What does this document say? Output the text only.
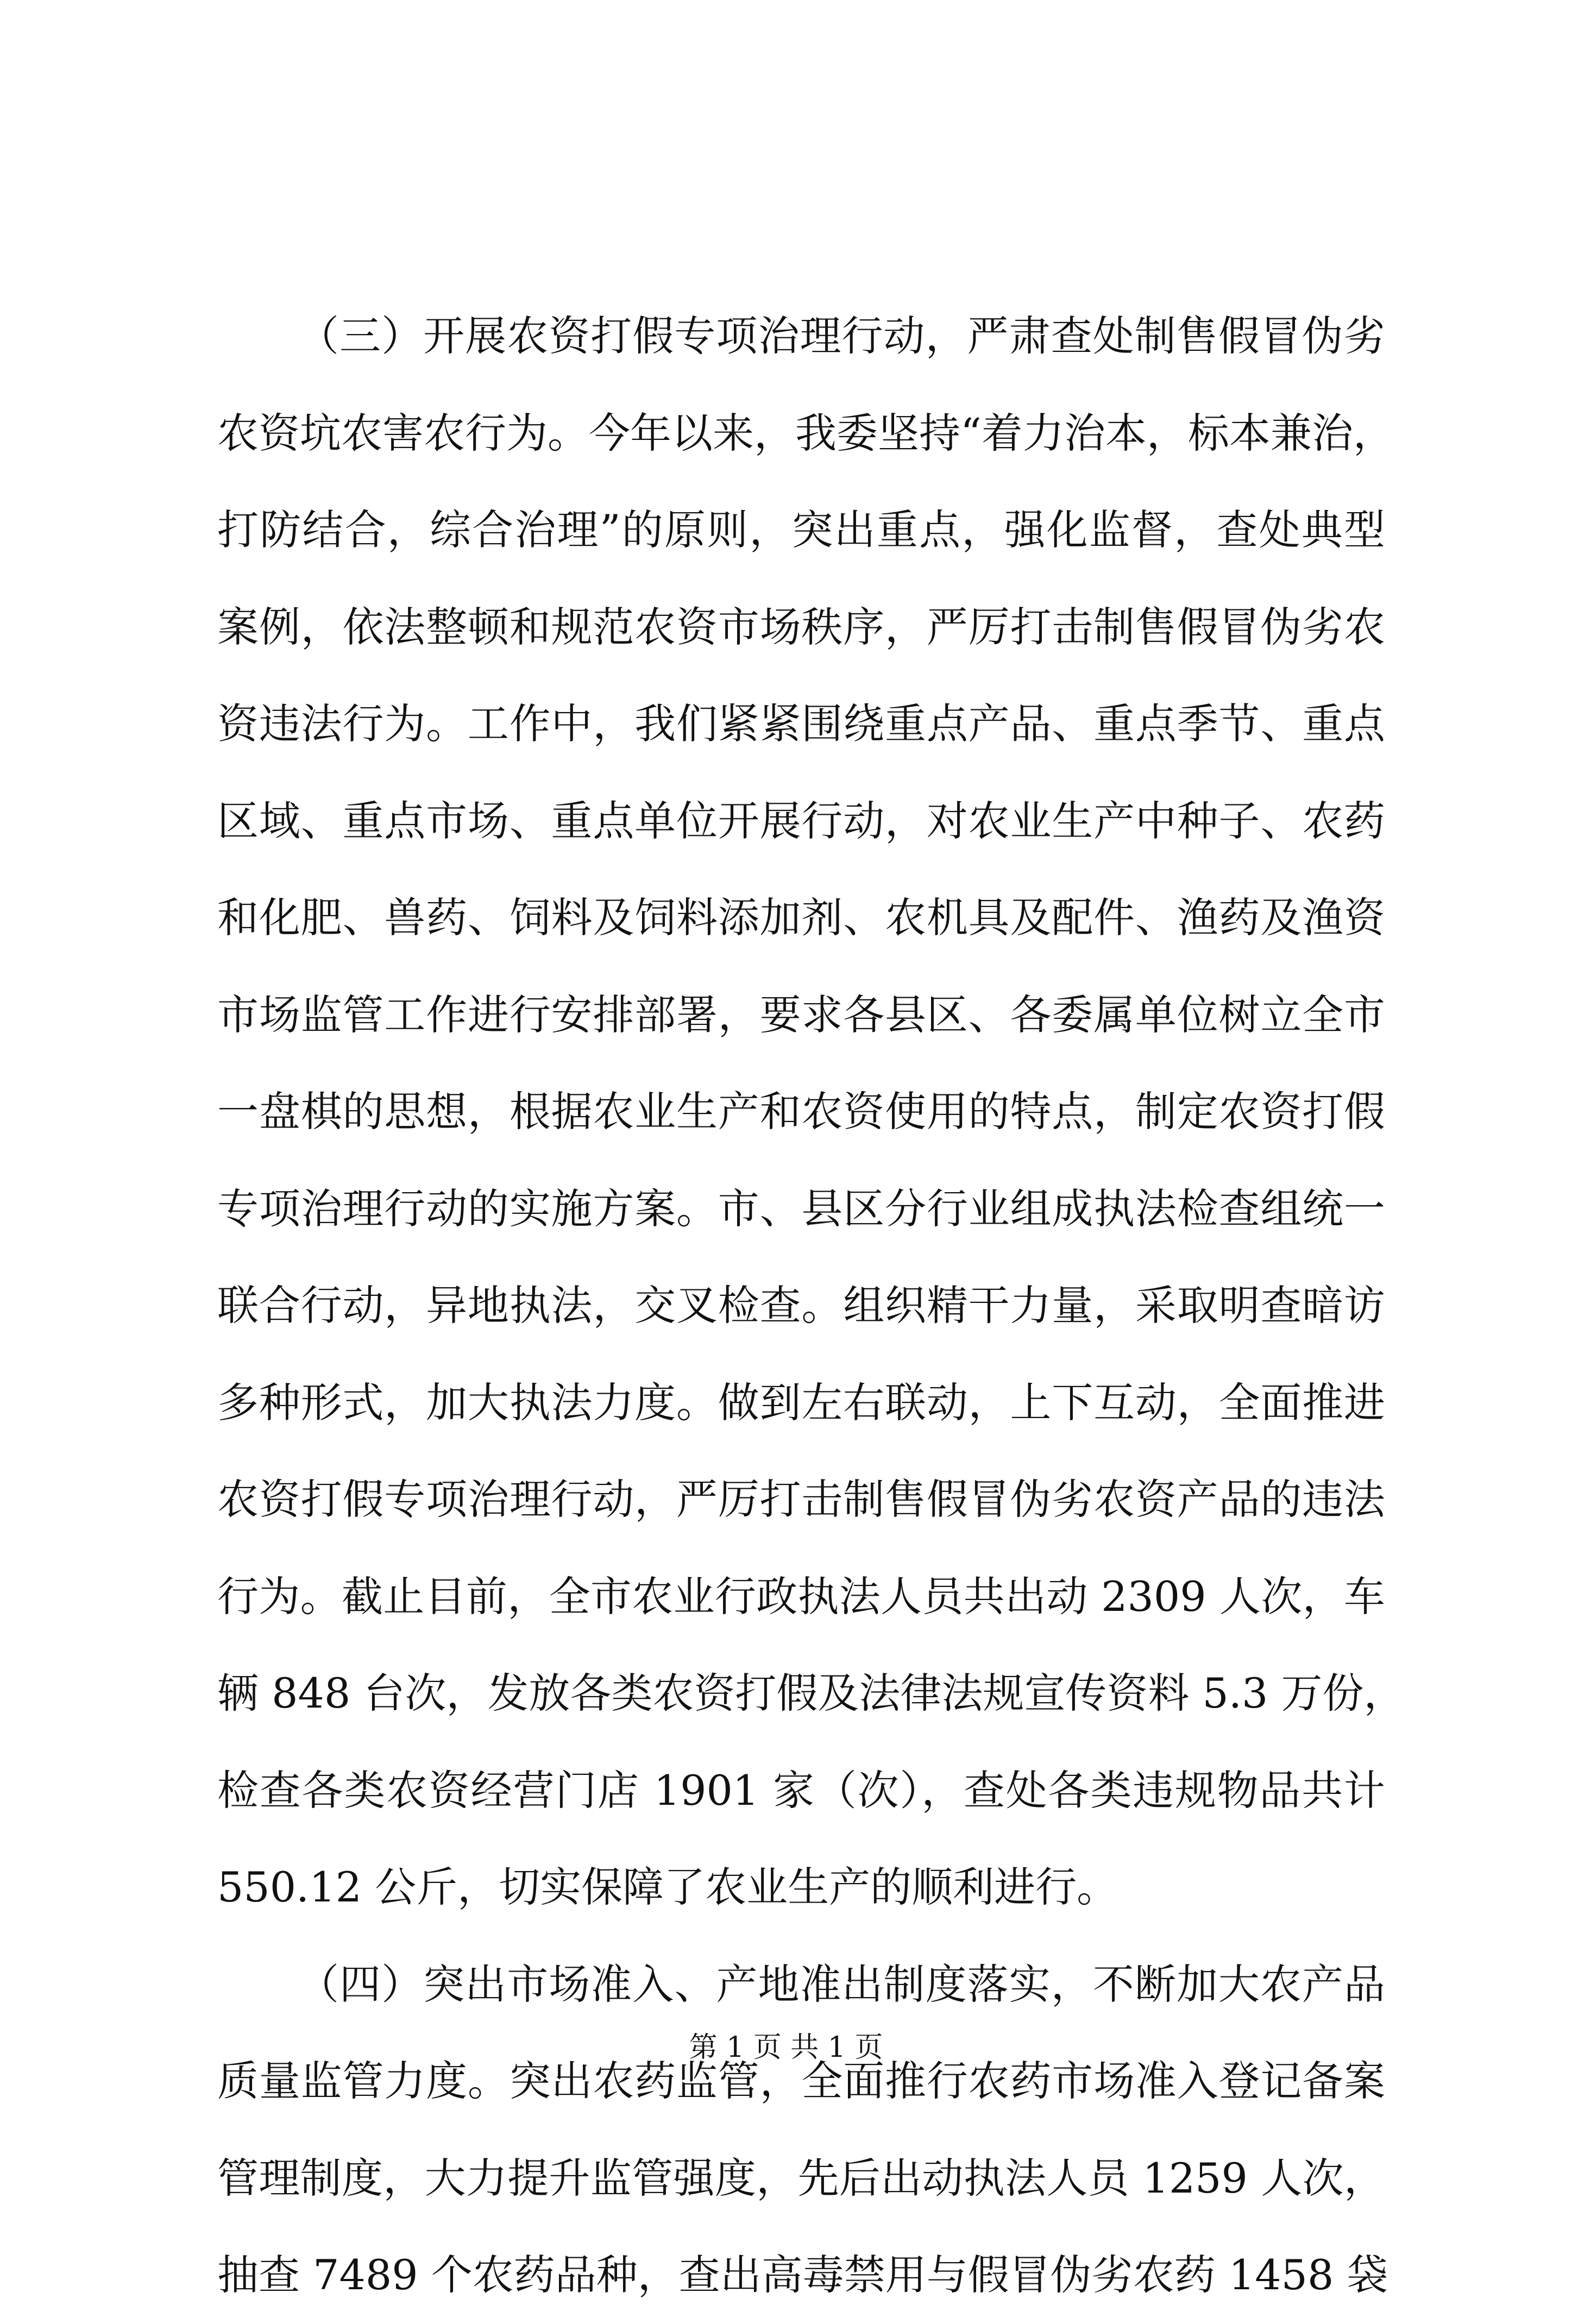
（三）开展农资打假专项治理行动，严肃查处制售假冒伪劣
农资坑农害农行为。今年以来，我委坚持“着力治本，标本兼治，
打防结合，综合治理”的原则，突出重点，强化监督，查处典型
案例，依法整顿和规范农资市场秩序，严厉打击制售假冒伪劣农
资违法行为。工作中，我们紧紧围绕重点产品、重点季节、重点
区域、重点市场、重点单位开展行动，对农业生产中种子、农药
和化肥、兽药、饲料及饲料添加剂、农机具及配件、渔药及渔资
市场监管工作进行安排部署，要求各县区、各委属单位树立全市
一盘棋的思想，根据农业生产和农资使用的特点，制定农资打假
专项治理行动的实施方案。市、县区分行业组成执法检查组统一
联合行动，异地执法，交叉检查。组织精干力量，采取明查暗访
多种形式，加大执法力度。做到左右联动，上下互动，全面推进
农资打假专项治理行动，严厉打击制售假冒伪劣农资产品的违法
行为。截止目前，全市农业行政执法人员共出动 2309 人次，车
辆 848 台次，发放各类农资打假及法律法规宣传资料 5.3 万份，
检查各类农资经营门店 1901 家（次），查处各类违规物品共计
550.12 公斤，切实保障了农业生产的顺利进行。
（四）突出市场准入、产地准出制度落实，不断加大农产品
质量监管力度。突出农药监管，全面推行农药市场准入登记备案
管理制度，大力提升监管强度，先后出动执法人员 1259 人次，
抽查 7489 个农药品种，查出高毒禁用与假冒伪劣农药 1458 袋
第 1 页 共 1 页
